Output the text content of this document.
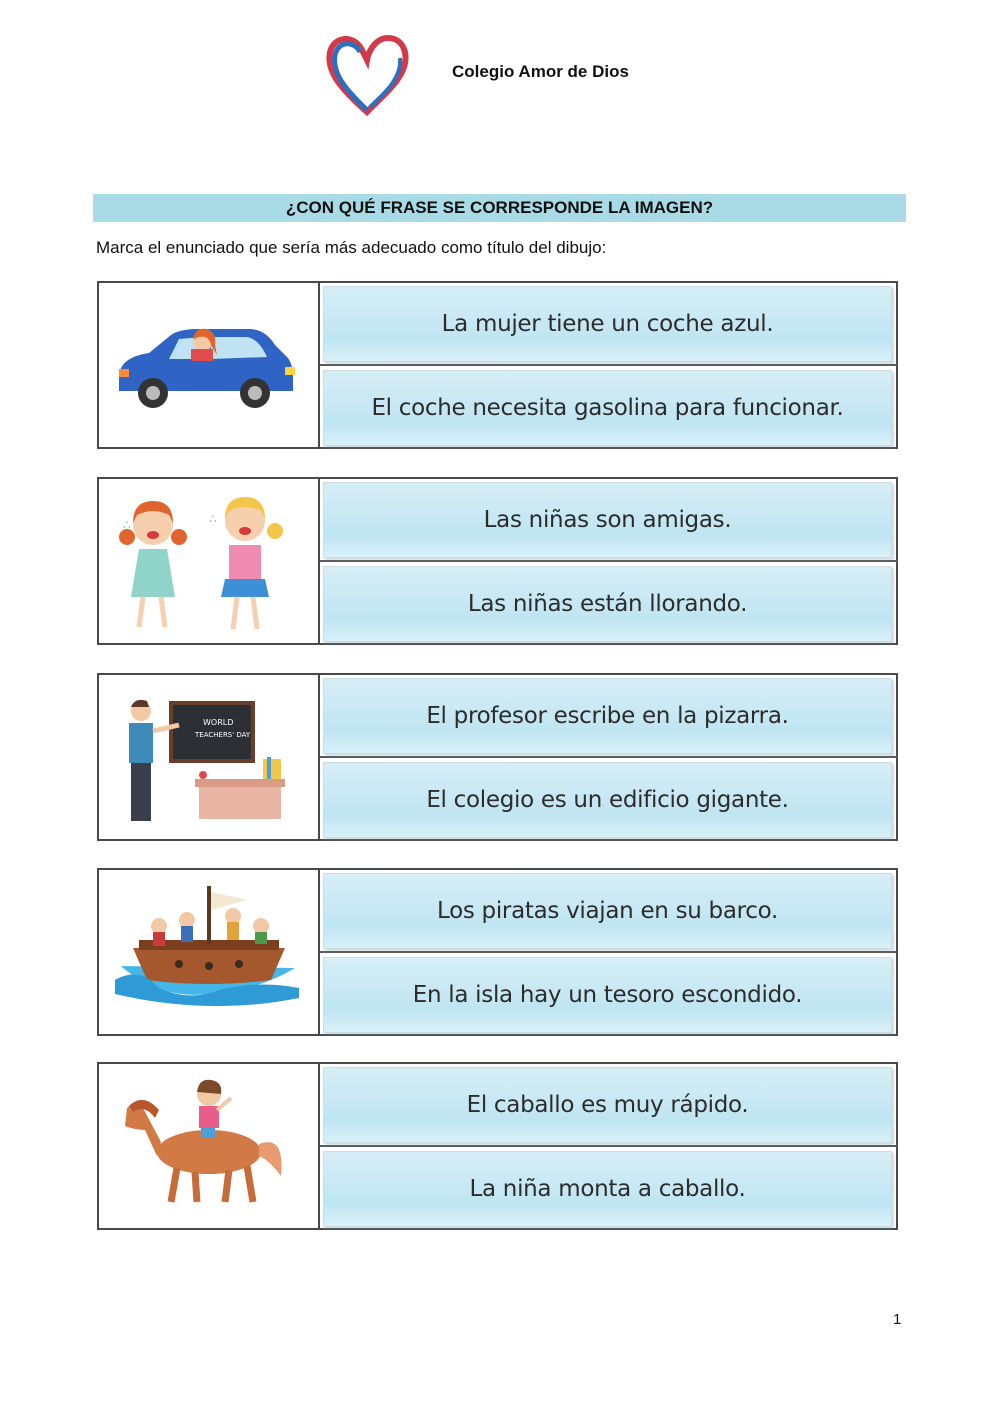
Colegio Amor de Dios
¿CON QUÉ FRASE SE CORRESPONDE LA IMAGEN?
Marca el enunciado que sería más adecuado como título del dibujo:
La mujer tiene un coche azul.
El coche necesita gasolina para funcionar.
∴	∴	Las niñas son amigas.
Las niñas están llorando.
WORLD
TEACHERS' DAY
El profesor escribe en la pizarra.
El colegio es un edificio gigante.
Los piratas viajan en su barco.
En la isla hay un tesoro escondido.
El caballo es muy rápido.
La niña monta a caballo.
1
